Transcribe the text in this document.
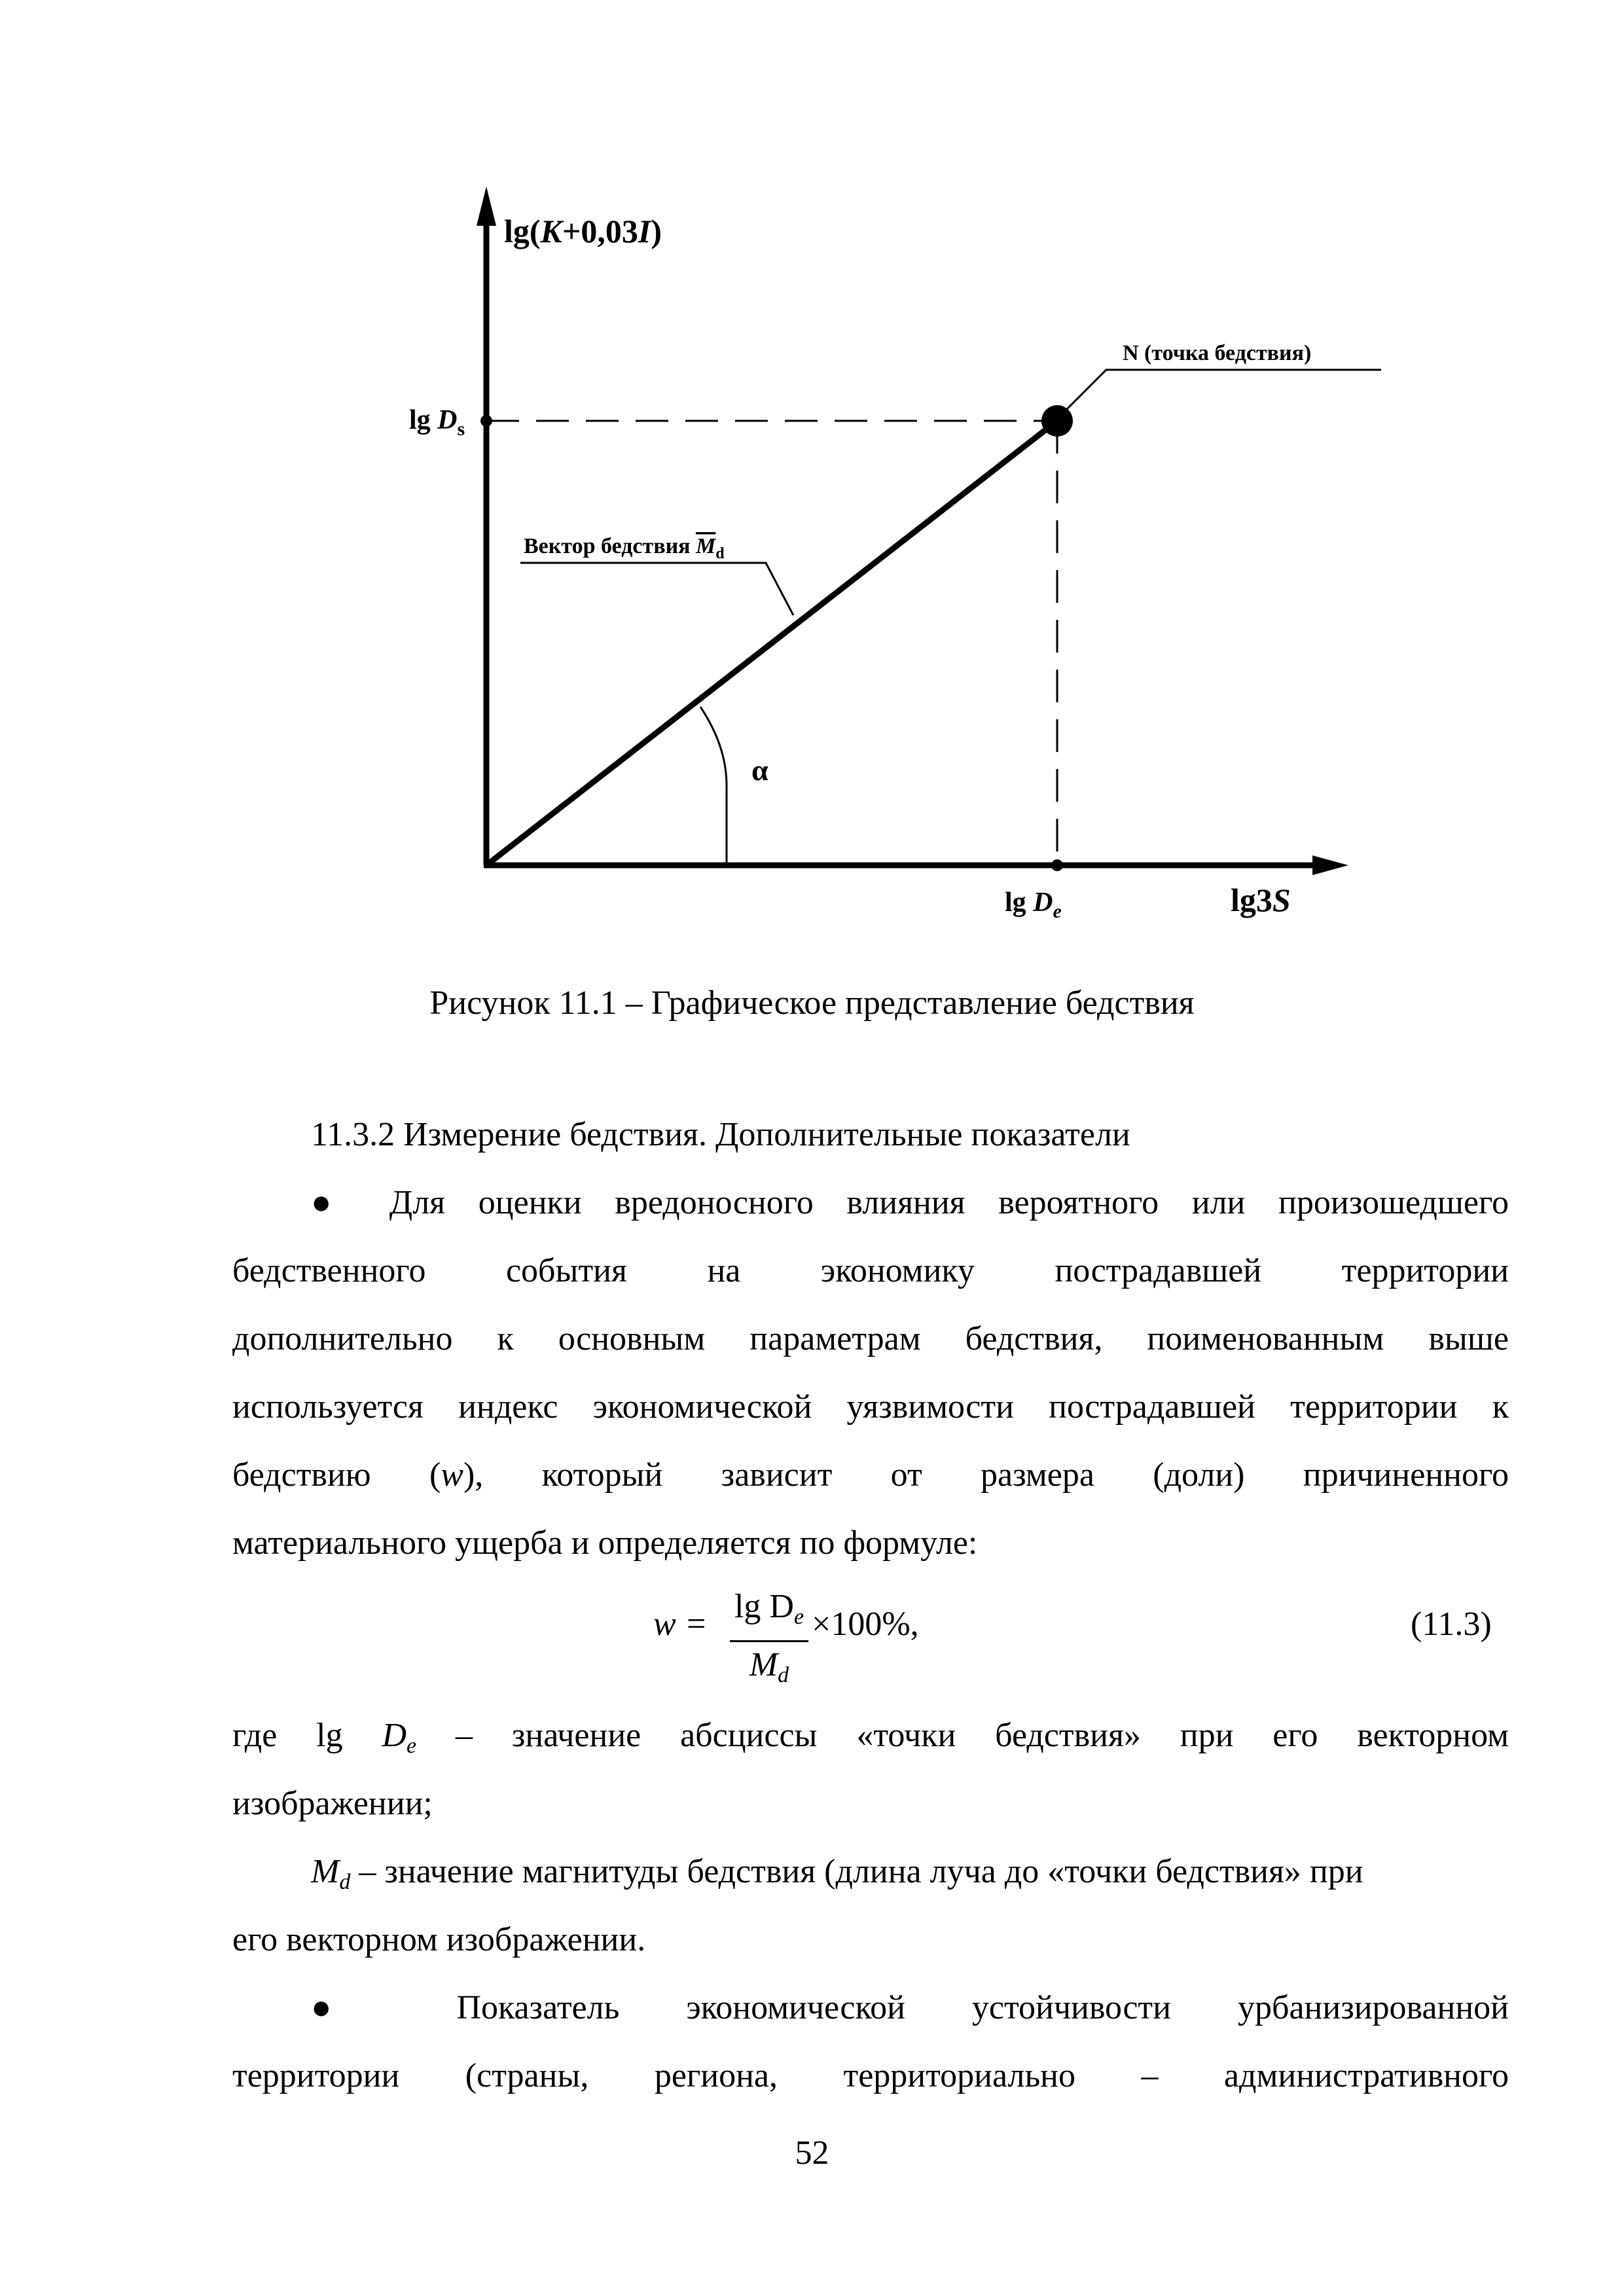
lg(K+0,03I)
lg3S
$\lg D_s$
$\lg D_e$
N (точка бедствия)
Вектор бедствия $M_d$
α
Рисунок 11.1 – Графическое представление бедствия
11.3.2 Измерение бедствия. Дополнительные показатели
● Для оценки вредоносного влияния вероятного или произошедшего
бедственного события на экономику пострадавшей территории
дополнительно к основным параметрам бедствия, поименованным выше
используется индекс экономической уязвимости пострадавшей территории к
бедствию (w), который зависит от размера (доли) причиненного
материального ущерба и определяется по формуле:
$w = \frac{\lg D_e}{M_d} \times 100\%$,	(11.3)
где $\lg D_e$ – значение абсциссы «точки бедствия» при его векторном
изображении;
$M_d$ – значение магнитуды бедствия (длина луча до «точки бедствия» при
его векторном изображении.
● Показатель экономической устойчивости урбанизированной
территории (страны, региона, территориально – административного
52
